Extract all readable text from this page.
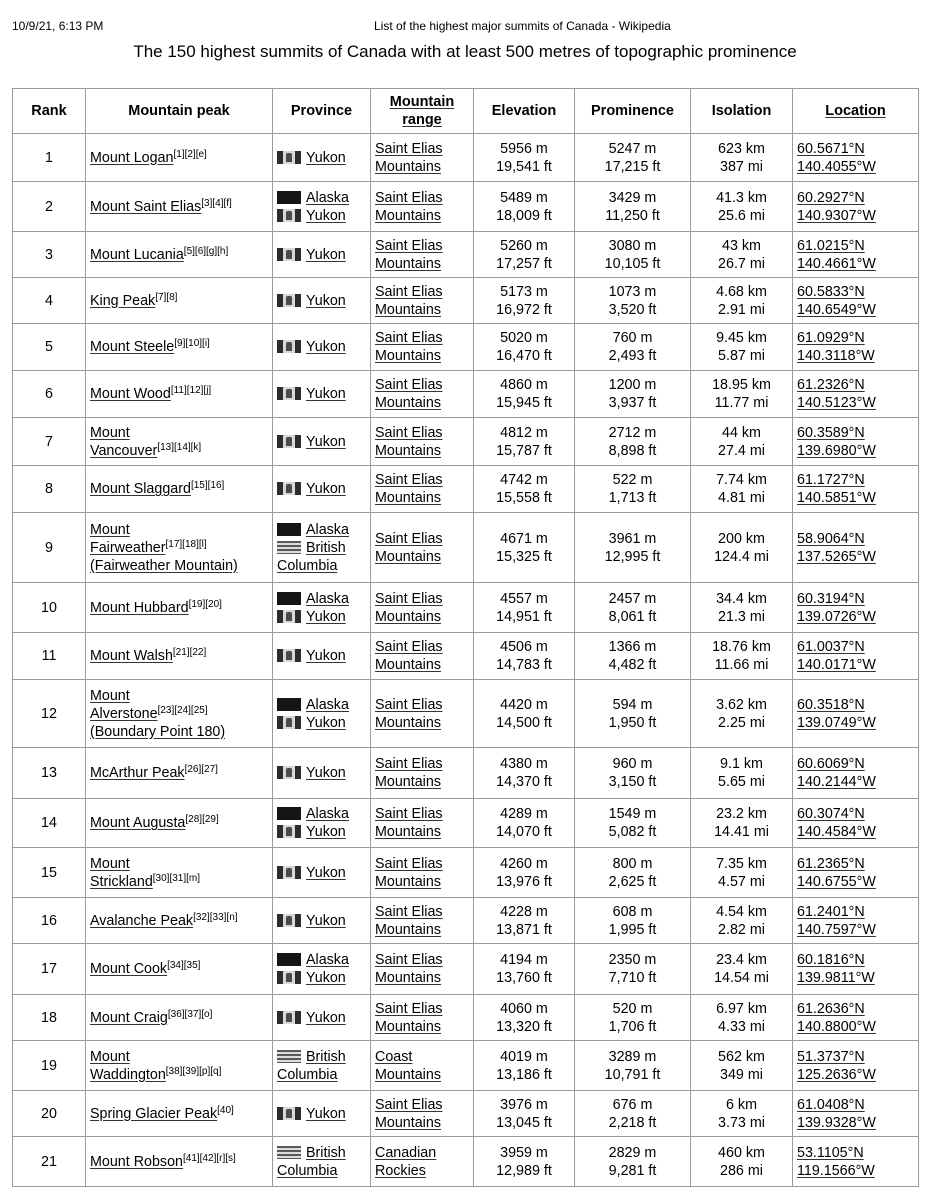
10/9/21, 6:13 PM	List of the highest major summits of Canada - Wikipedia
The 150 highest summits of Canada with at least 500 metres of topographic prominence
Rank	Mountain peak	Province	Mountain
range	Elevation	Prominence	Isolation	Location
1	Mount Logan[1][2][e]	Yukon	Saint Elias
Mountains	5956 m
19,541 ft	5247 m
17,215 ft	623 km
387 mi	60.5671°N
140.4055°W

2	Mount Saint Elias[3][4][f]	Alaska
Yukon	Saint Elias
Mountains	5489 m
18,009 ft	3429 m
11,250 ft	41.3 km
25.6 mi	60.2927°N
140.9307°W

3	Mount Lucania[5][6][g][h]	Yukon	Saint Elias
Mountains	5260 m
17,257 ft	3080 m
10,105 ft	43 km
26.7 mi	61.0215°N
140.4661°W

4	King Peak[7][8]	Yukon	Saint Elias
Mountains	5173 m
16,972 ft	1073 m
3,520 ft	4.68 km
2.91 mi	60.5833°N
140.6549°W

5	Mount Steele[9][10][i]	Yukon	Saint Elias
Mountains	5020 m
16,470 ft	760 m
2,493 ft	9.45 km
5.87 mi	61.0929°N
140.3118°W

6	Mount Wood[11][12][j]	Yukon	Saint Elias
Mountains	4860 m
15,945 ft	1200 m
3,937 ft	18.95 km
11.77 mi	61.2326°N
140.5123°W

7	Mount
Vancouver[13][14][k]	Yukon	Saint Elias
Mountains	4812 m
15,787 ft	2712 m
8,898 ft	44 km
27.4 mi	60.3589°N
139.6980°W

8	Mount Slaggard[15][16]	Yukon	Saint Elias
Mountains	4742 m
15,558 ft	522 m
1,713 ft	7.74 km
4.81 mi	61.1727°N
140.5851°W

9	Mount
Fairweather[17][18][l]
(Fairweather Mountain)	Alaska
British
Columbia	Saint Elias
Mountains	4671 m
15,325 ft	3961 m
12,995 ft	200 km
124.4 mi	58.9064°N
137.5265°W

10	Mount Hubbard[19][20]	Alaska
Yukon	Saint Elias
Mountains	4557 m
14,951 ft	2457 m
8,061 ft	34.4 km
21.3 mi	60.3194°N
139.0726°W

11	Mount Walsh[21][22]	Yukon	Saint Elias
Mountains	4506 m
14,783 ft	1366 m
4,482 ft	18.76 km
11.66 mi	61.0037°N
140.0171°W

12	Mount
Alverstone[23][24][25]
(Boundary Point 180)	Alaska
Yukon	Saint Elias
Mountains	4420 m
14,500 ft	594 m
1,950 ft	3.62 km
2.25 mi	60.3518°N
139.0749°W

13	McArthur Peak[26][27]	Yukon	Saint Elias
Mountains	4380 m
14,370 ft	960 m
3,150 ft	9.1 km
5.65 mi	60.6069°N
140.2144°W

14	Mount Augusta[28][29]	Alaska
Yukon	Saint Elias
Mountains	4289 m
14,070 ft	1549 m
5,082 ft	23.2 km
14.41 mi	60.3074°N
140.4584°W

15	Mount
Strickland[30][31][m]	Yukon	Saint Elias
Mountains	4260 m
13,976 ft	800 m
2,625 ft	7.35 km
4.57 mi	61.2365°N
140.6755°W

16	Avalanche Peak[32][33][n]	Yukon	Saint Elias
Mountains	4228 m
13,871 ft	608 m
1,995 ft	4.54 km
2.82 mi	61.2401°N
140.7597°W

17	Mount Cook[34][35]	Alaska
Yukon	Saint Elias
Mountains	4194 m
13,760 ft	2350 m
7,710 ft	23.4 km
14.54 mi	60.1816°N
139.9811°W

18	Mount Craig[36][37][o]	Yukon	Saint Elias
Mountains	4060 m
13,320 ft	520 m
1,706 ft	6.97 km
4.33 mi	61.2636°N
140.8800°W

19	Mount
Waddington[38][39][p][q]	British
Columbia	Coast
Mountains	4019 m
13,186 ft	3289 m
10,791 ft	562 km
349 mi	51.3737°N
125.2636°W

20	Spring Glacier Peak[40]	Yukon	Saint Elias
Mountains	3976 m
13,045 ft	676 m
2,218 ft	6 km
3.73 mi	61.0408°N
139.9328°W

21	Mount Robson[41][42][r][s]	British
Columbia	Canadian
Rockies	3959 m
12,989 ft	2829 m
9,281 ft	460 km
286 mi	53.1105°N
119.1566°W
